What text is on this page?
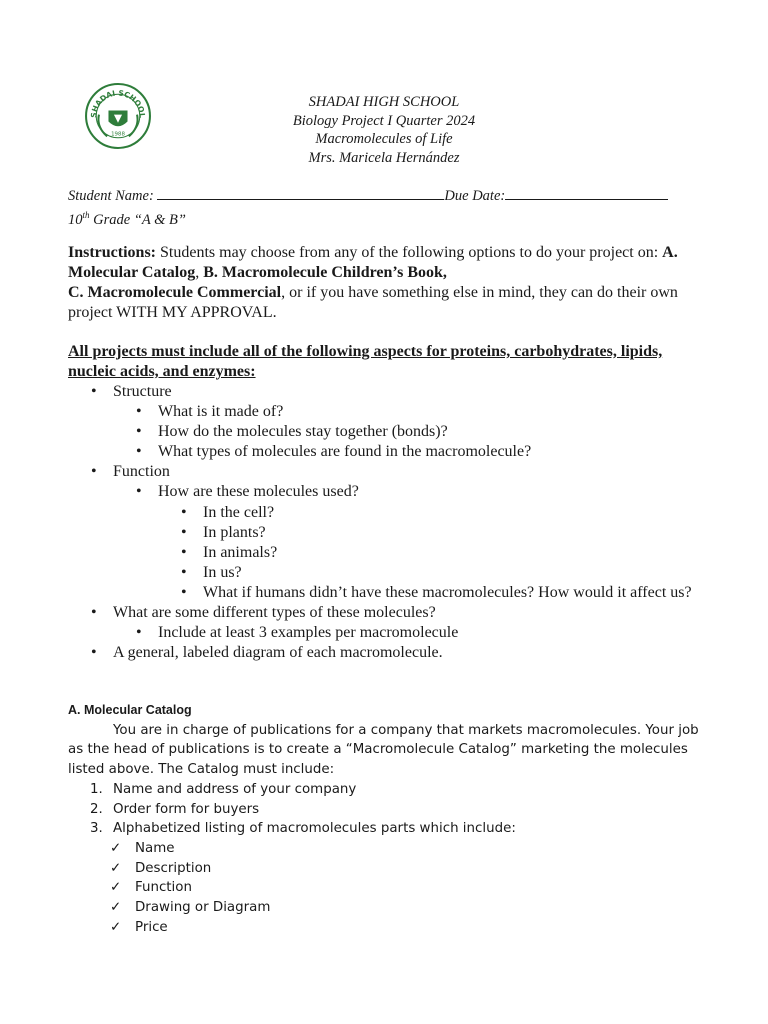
SHADAI SCHOOL
1988
SHADAI HIGH SCHOOL
Biology Project I Quarter 2024
Macromolecules of Life
Mrs. Maricela Hernández
Student Name:	Due Date:
10th Grade “A & B”

Instructions: Students may choose from any of the following options to do your project on: A. Molecular Catalog, B. Macromolecule Children’s Book,
C. Macromolecule Commercial, or if you have something else in mind, they can do their own project WITH MY APPROVAL.

All projects must include all of the following aspects for proteins, carbohydrates, lipids, nucleic acids, and enzymes:
• Structure
• What is it made of?
• How do the molecules stay together (bonds)?
• What types of molecules are found in the macromolecule?
• Function
• How are these molecules used?
• In the cell?
• In plants?
• In animals?
• In us?
• What if humans didn’t have these macromolecules? How would it affect us?
• What are some different types of these molecules?
• Include at least 3 examples per macromolecule
• A general, labeled diagram of each macromolecule.
A. Molecular Catalog

You are in charge of publications for a company that markets macromolecules. Your job as the head of publications is to create a “Macromolecule Catalog” marketing the molecules listed above. The Catalog must include:

1. Name and address of your company
2. Order form for buyers
3. Alphabetized listing of macromolecules parts which include:
✓ Name
✓ Description
✓ Function
✓ Drawing or Diagram
✓ Price
